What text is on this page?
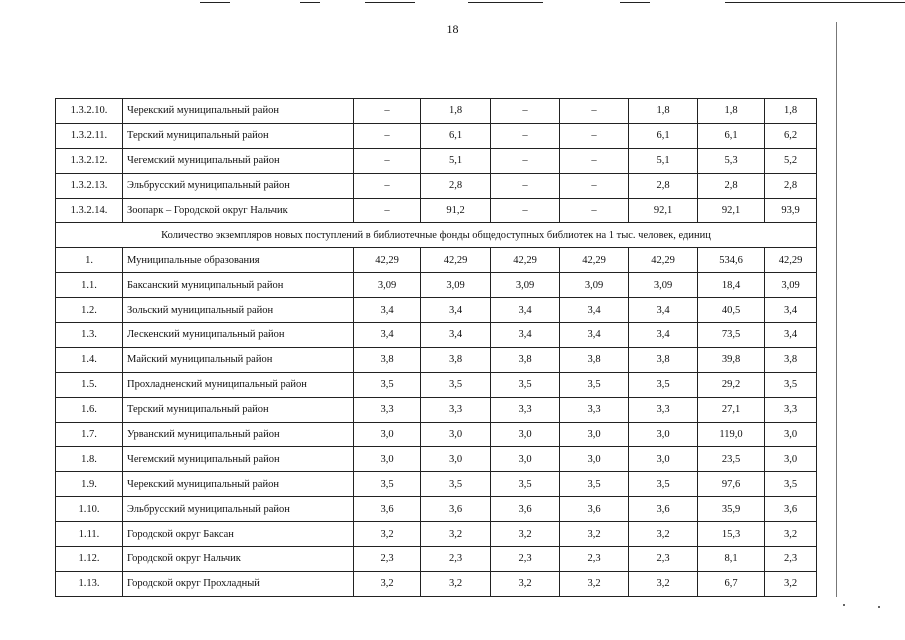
18
1.3.2.10.	Черекский муниципальный район	–	1,8	–	–	1,8	1,8	1,8	
1.3.2.11.	Терский муниципальный район	–	6,1	–	–	6,1	6,1	6,2	
1.3.2.12.	Чегемский муниципальный район	–	5,1	–	–	5,1	5,3	5,2	
1.3.2.13.	Эльбрусский муниципальный район	–	2,8	–	–	2,8	2,8	2,8	
1.3.2.14.	Зоопарк – Городской округ Нальчик	–	91,2	–	–	92,1	92,1	93,9	
Количество экземпляров новых поступлений в библиотечные фонды общедоступных библиотек на 1 тыс. человек, единиц									
1.	Муниципальные образования	42,29	42,29	42,29	42,29	42,29	534,6	42,29	
1.1.	Баксанский муниципальный район	3,09	3,09	3,09	3,09	3,09	18,4	3,09	
1.2.	Зольский муниципальный район	3,4	3,4	3,4	3,4	3,4	40,5	3,4	
1.3.	Лескенский муниципальный район	3,4	3,4	3,4	3,4	3,4	73,5	3,4	
1.4.	Майский муниципальный район	3,8	3,8	3,8	3,8	3,8	39,8	3,8	
1.5.	Прохладненский муниципальный район	3,5	3,5	3,5	3,5	3,5	29,2	3,5	
1.6.	Терский муниципальный район	3,3	3,3	3,3	3,3	3,3	27,1	3,3	
1.7.	Урванский муниципальный район	3,0	3,0	3,0	3,0	3,0	119,0	3,0	
1.8.	Чегемский муниципальный район	3,0	3,0	3,0	3,0	3,0	23,5	3,0	
1.9.	Черекский муниципальный район	3,5	3,5	3,5	3,5	3,5	97,6	3,5	
1.10.	Эльбрусский муниципальный район	3,6	3,6	3,6	3,6	3,6	35,9	3,6	
1.11.	Городской округ Баксан	3,2	3,2	3,2	3,2	3,2	15,3	3,2	
1.12.	Городской округ Нальчик	2,3	2,3	2,3	2,3	2,3	8,1	2,3	
1.13.	Городской округ Прохладный	3,2	3,2	3,2	3,2	3,2	6,7	3,2	
